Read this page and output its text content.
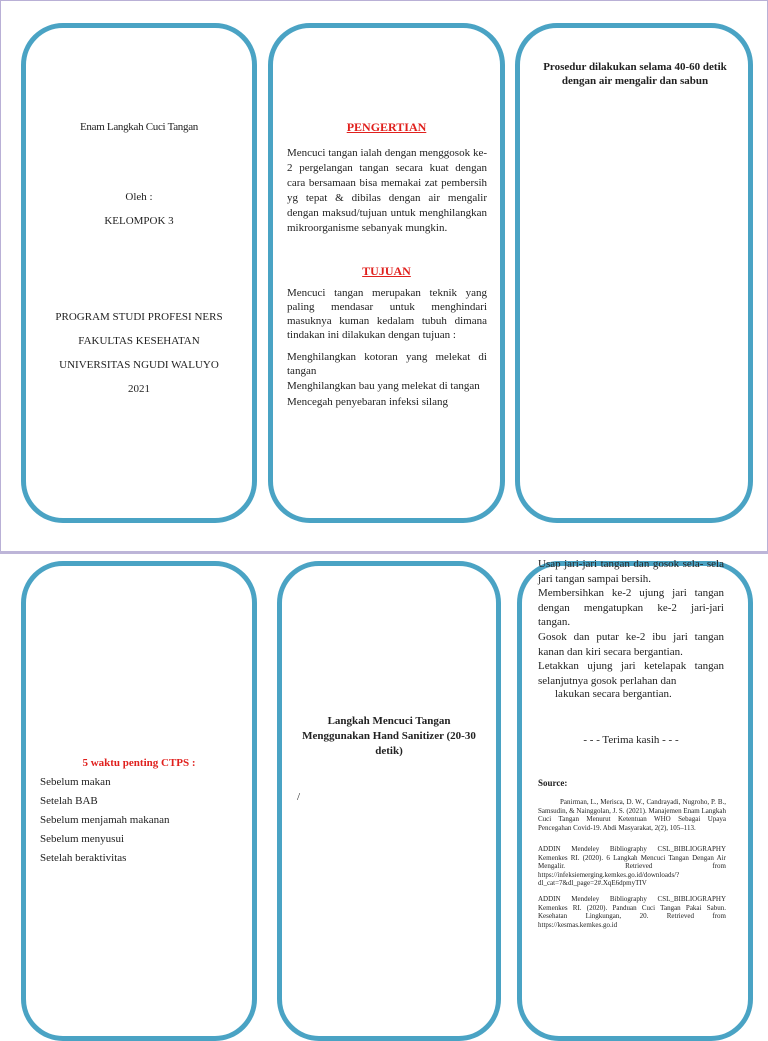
Enam Langkah Cuci Tangan
Oleh :
KELOMPOK 3
PROGRAM STUDI PROFESI NERS
FAKULTAS KESEHATAN
UNIVERSITAS NGUDI WALUYO
2021
PENGERTIAN
Mencuci tangan ialah dengan menggosok ke-2 pergelangan tangan secara kuat dengan cara bersamaan bisa memakai zat pembersih yg tepat & dibilas dengan air mengalir dengan maksud/tujuan untuk menghilangkan mikroorganisme sebanyak mungkin.
TUJUAN
Mencuci tangan merupakan teknik yang paling mendasar untuk menghindari masuknya kuman kedalam tubuh dimana tindakan ini dilakukan dengan tujuan :
Menghilangkan kotoran yang melekat di tangan
Menghilangkan bau yang melekat di tangan
Mencegah penyebaran infeksi silang
Prosedur dilakukan selama 40-60 detik dengan air mengalir dan sabun
5 waktu penting CTPS :
Sebelum makan
Setelah BAB
Sebelum menjamah makanan
Sebelum menyusui
Setelah beraktivitas
Langkah Mencuci Tangan Menggunakan Hand Sanitizer (20-30 detik)
/
Usap jari-jari tangan dan gosok sela- sela jari tangan sampai bersih.
Membersihkan ke-2 ujung jari tangan dengan mengatupkan ke-2 jari-jari tangan.
Gosok dan putar ke-2 ibu jari tangan kanan dan kiri secara bergantian.
Letakkan ujung jari ketelapak tangan selanjutnya gosok perlahan dan
lakukan secara bergantian.
- - - Terima kasih - - -
Source:
Panirman, L., Merisca, D. W., Candrayadi, Nugroho, P. B., Samsudin, & Nainggolan, J. S. (2021). Manajemen Enam Langkah Cuci Tangan Menurut Ketentuan WHO Sebagai Upaya Pencegahan Covid-19. Abdi Masyarakat, 2(2), 105–113.
ADDIN Mendeley Bibliography CSL_BIBLIOGRAPHY Kemenkes RI. (2020). 6 Langkah Mencuci Tangan Dengan Air Mengalir. Retrieved from https://infeksiemerging.kemkes.go.id/downloads/?dl_cat=7&dl_page=2#.XqE6dpmyTIV
ADDIN Mendeley Bibliography CSL_BIBLIOGRAPHY Kemenkes RI. (2020). Panduan Cuci Tangan Pakai Sabun. Kesehatan Lingkungan, 20. Retrieved from https://kesmas.kemkes.go.id
